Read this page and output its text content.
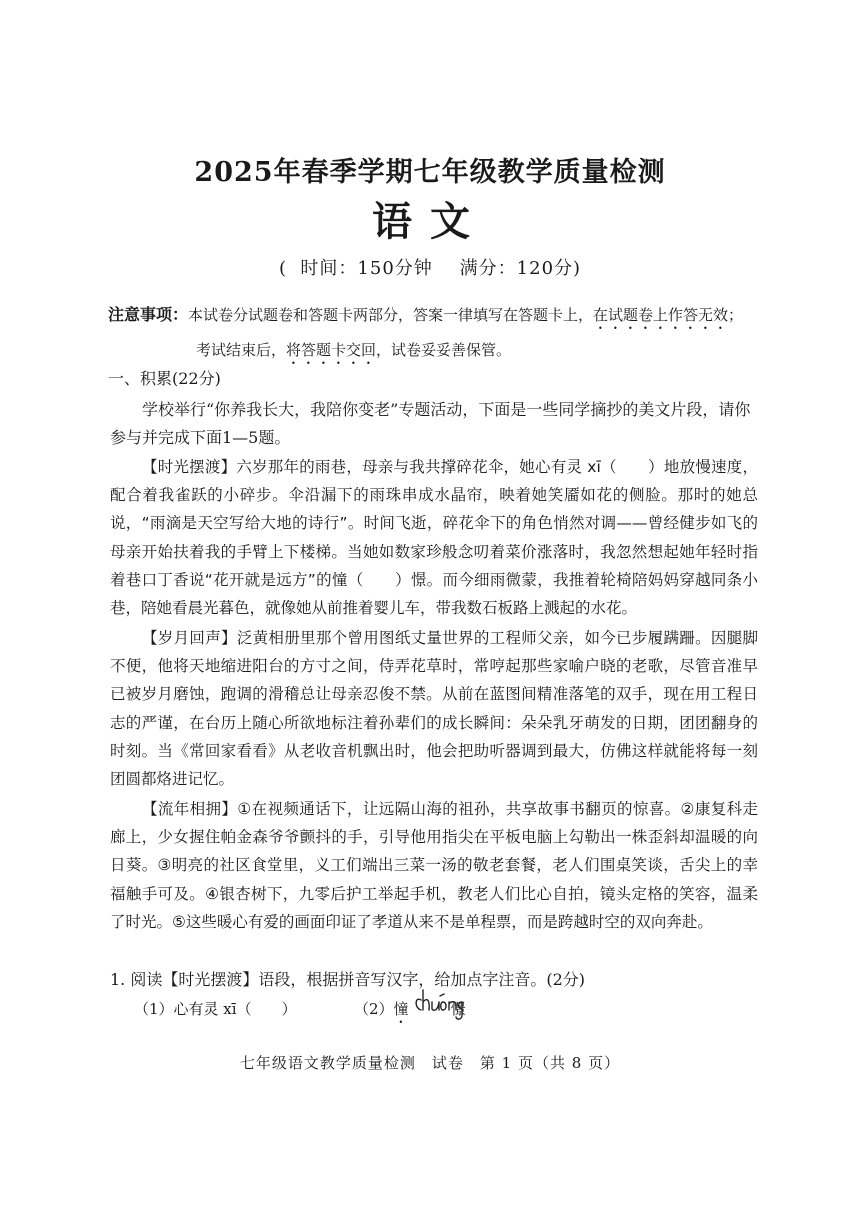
2025年春季学期七年级教学质量检测
语文
(  时间：150分钟    满分：120分)
注意事项：本试卷分试题卷和答题卡两部分，答案一律填写在答题卡上，在试题卷上作答无效；
考试结束后，将答题卡交回，试卷妥妥善保管。
一、积累(22分)
学校举行“你养我长大，我陪你变老”专题活动，下面是一些同学摘抄的美文片段，请你参与并完成下面1—5题。
【时光摆渡】六岁那年的雨巷，母亲与我共撑碎花伞，她心有灵 xī（　　）地放慢速度，配合着我雀跃的小碎步。伞沿漏下的雨珠串成水晶帘，映着她笑靥如花的侧脸。那时的她总说，“雨滴是天空写给大地的诗行”。时间飞逝，碎花伞下的角色悄然对调——曾经健步如飞的母亲开始扶着我的手臂上下楼梯。当她如数家珍般念叨着菜价涨落时，我忽然想起她年轻时指着巷口丁香说“花开就是远方”的憧（　　）憬。而今细雨微蒙，我推着轮椅陪妈妈穿越同条小巷，陪她看晨光暮色，就像她从前推着婴儿车，带我数石板路上溅起的水花。
【岁月回声】泛黄相册里那个曾用图纸丈量世界的工程师父亲，如今已步履蹒跚。因腿脚不便，他将天地缩进阳台的方寸之间，侍弄花草时，常哼起那些家喻户晓的老歌，尽管音准早已被岁月磨蚀，跑调的滑稽总让母亲忍俊不禁。从前在蓝图间精准落笔的双手，现在用工程日志的严谨，在台历上随心所欲地标注着孙辈们的成长瞬间：朵朵乳牙萌发的日期，团团翻身的时刻。当《常回家看看》从老收音机飘出时，他会把助听器调到最大，仿佛这样就能将每一刻团圆都烙进记忆。
【流年相拥】①在视频通话下，让远隔山海的祖孙，共享故事书翻页的惊喜。②康复科走廊上，少女握住帕金森爷爷颤抖的手，引导他用指尖在平板电脑上勾勒出一株歪斜却温暖的向日葵。③明亮的社区食堂里，义工们端出三菜一汤的敬老套餐，老人们围桌笑谈，舌尖上的幸福触手可及。④银杏树下，九零后护工举起手机，教老人们比心自拍，镜头定格的笑容，温柔了时光。⑤这些暖心有爱的画面印证了孝道从来不是单程票，而是跨越时空的双向奔赴。
1. 阅读【时光摆渡】语段，根据拼音写汉字，给加点字注音。(2分)
（1）心有灵 xī（　　）	（2）憧	憬
七年级语文教学质量检测　试卷　第 1 页（共 8 页）
